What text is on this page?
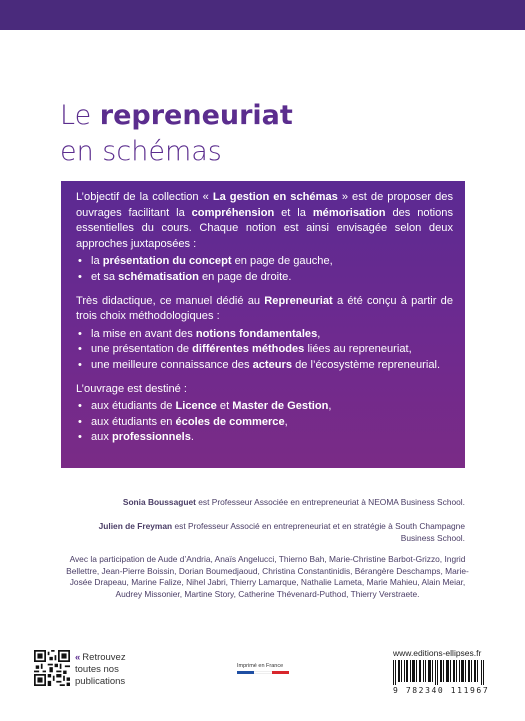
Le repreneuriat
en schémas

L’objectif de la collection « La gestion en schémas » est de proposer des ouvrages facilitant la compréhension et la mémorisation des notions essentielles du cours. Chaque notion est ainsi envisagée selon deux approches juxtaposées :

• la présentation du concept en page de gauche,
• et sa schématisation en page de droite.

Très didactique, ce manuel dédié au Repreneuriat a été conçu à partir de trois choix méthodologiques :

• la mise en avant des notions fondamentales,
• une présentation de différentes méthodes liées au repreneuriat,
• une meilleure connaissance des acteurs de l’écosystème repreneurial.

L’ouvrage est destiné :

• aux étudiants de Licence et Master de Gestion,
• aux étudiants en écoles de commerce,
• aux professionnels.
Sonia Boussaguet est Professeur Associée en entrepreneuriat à NEOMA Business School.
Julien de Freyman est Professeur Associé en entrepreneuriat et en stratégie à South Champagne Business School.
Avec la participation de Aude d’Andria, Anaïs Angelucci, Thierno Bah, Marie-Christine Barbot-Grizzo, Ingrid Bellettre, Jean-Pierre Boissin, Dorian Boumedjaoud, Christina Constantinidis, Bérangère Deschamps, Marie-Josée Drapeau, Marine Falize, Nihel Jabri, Thierry Lamarque, Nathalie Lameta, Marie Mahieu, Alain Meiar, Audrey Missonier, Martine Story, Catherine Thévenard-Puthod, Thierry Verstraete.
« Retrouvez toutes nos publications
Imprimé en France
www.editions-ellipses.fr
9 782340 111967
